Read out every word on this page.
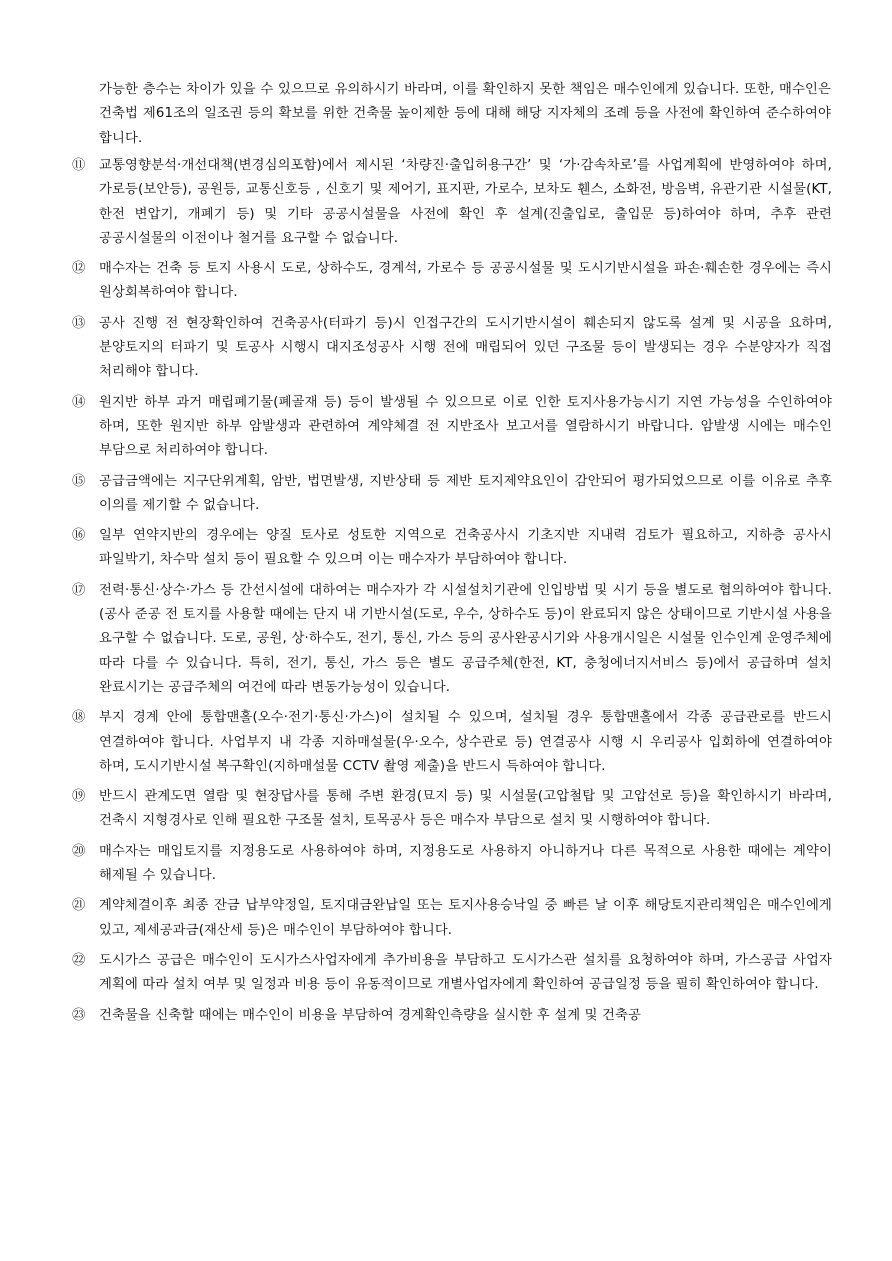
가능한 층수는 차이가 있을 수 있으므로 유의하시기 바라며, 이를 확인하지 못한 책임은 매수인에게 있습니다. 또한, 매수인은 건축법 제61조의 일조권 등의 확보를 위한 건축물 높이제한 등에 대해 해당 지자체의 조례 등을 사전에 확인하여 준수하여야 합니다.

⑪	교통영향분석·개선대책(변경심의포함)에서 제시된 ‘차량진·출입허용구간’ 및 ‘가·감속차로’를 사업계획에 반영하여야 하며, 가로등(보안등), 공원등, 교통신호등 , 신호기 및 제어기, 표지판, 가로수, 보차도 휀스, 소화전, 방음벽, 유관기관 시설물(KT, 한전 변압기, 개폐기 등) 및 기타 공공시설물을 사전에 확인 후 설계(진출입로, 출입문 등)하여야 하며, 추후 관련 공공시설물의 이전이나 철거를 요구할 수 없습니다.
⑫	매수자는 건축 등 토지 사용시 도로, 상하수도, 경계석, 가로수 등 공공시설물 및 도시기반시설을 파손·훼손한 경우에는 즉시 원상회복하여야 합니다.
⑬	공사 진행 전 현장확인하여 건축공사(터파기 등)시 인접구간의 도시기반시설이 훼손되지 않도록 설계 및 시공을 요하며, 분양토지의 터파기 및 토공사 시행시 대지조성공사 시행 전에 매립되어 있던 구조물 등이 발생되는 경우 수분양자가 직접 처리해야 합니다.
⑭	원지반 하부 과거 매립폐기물(폐골재 등) 등이 발생될 수 있으므로 이로 인한 토지사용가능시기 지연 가능성을 수인하여야 하며, 또한 원지반 하부 암발생과 관련하여 계약체결 전 지반조사 보고서를 열람하시기 바랍니다. 암발생 시에는 매수인 부담으로 처리하여야 합니다.
⑮	공급금액에는 지구단위계획, 암반, 법면발생, 지반상태 등 제반 토지제약요인이 감안되어 평가되었으므로 이를 이유로 추후 이의를 제기할 수 없습니다.
⑯	일부 연약지반의 경우에는 양질 토사로 성토한 지역으로 건축공사시 기초지반 지내력 검토가 필요하고, 지하층 공사시 파일박기, 차수막 설치 등이 필요할 수 있으며 이는 매수자가 부담하여야 합니다.
⑰	전력·통신·상수·가스 등 간선시설에 대하여는 매수자가 각 시설설치기관에 인입방법 및 시기 등을 별도로 협의하여야 합니다.(공사 준공 전 토지를 사용할 때에는 단지 내 기반시설(도로, 우수, 상하수도 등)이 완료되지 않은 상태이므로 기반시설 사용을 요구할 수 없습니다. 도로, 공원, 상·하수도, 전기, 통신, 가스 등의 공사완공시기와 사용개시일은 시설물 인수인계 운영주체에 따라 다를 수 있습니다. 특히, 전기, 통신, 가스 등은 별도 공급주체(한전, KT, 충청에너지서비스 등)에서 공급하며 설치 완료시기는 공급주체의 여건에 따라 변동가능성이 있습니다.
⑱	부지 경계 안에 통합맨홀(오수·전기·통신·가스)이 설치될 수 있으며, 설치될 경우 통합맨홀에서 각종 공급관로를 반드시 연결하여야 합니다. 사업부지 내 각종 지하매설물(우·오수, 상수관로 등) 연결공사 시행 시 우리공사 입회하에 연결하여야 하며, 도시기반시설 복구확인(지하매설물 CCTV 촬영 제출)을 반드시 득하여야 합니다.
⑲	반드시 관계도면 열람 및 현장답사를 통해 주변 환경(묘지 등) 및 시설물(고압철탑 및 고압선로 등)을 확인하시기 바라며, 건축시 지형경사로 인해 필요한 구조물 설치, 토목공사 등은 매수자 부담으로 설치 및 시행하여야 합니다.
⑳	매수자는 매입토지를 지정용도로 사용하여야 하며, 지정용도로 사용하지 아니하거나 다른 목적으로 사용한 때에는 계약이 해제될 수 있습니다.
㉑	계약체결이후 최종 잔금 납부약정일, 토지대금완납일 또는 토지사용승낙일 중 빠른 날 이후 해당토지관리책임은 매수인에게 있고, 제세공과금(재산세 등)은 매수인이 부담하여야 합니다.
㉒	도시가스 공급은 매수인이 도시가스사업자에게 추가비용을 부담하고 도시가스관 설치를 요청하여야 하며, 가스공급 사업자 계획에 따라 설치 여부 및 일정과 비용 등이 유동적이므로 개별사업자에게 확인하여 공급일정 등을 필히 확인하여야 합니다.
㉓	건축물을 신축할 때에는 매수인이 비용을 부담하여 경계확인측량을 실시한 후 설계 및 건축공
